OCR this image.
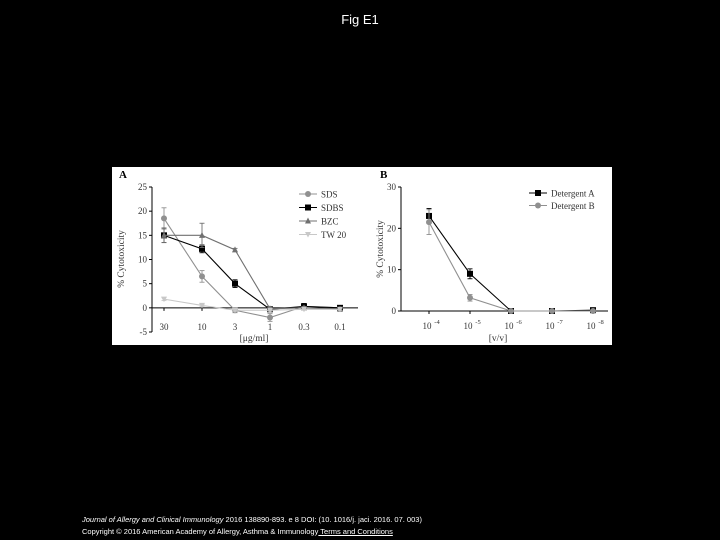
Fig E1
A
-5
0
5
10
15
20
25
30	10	3	1	0.3	0.1
[μg/ml]
% Cytotoxicity
SDS
SDBS
BZC
TW 20
B
0
10
20
30
10 -4	10 -5	10 -6	10 -7	10 -8
[v/v]
% Cytotoxicity
Detergent A
Detergent B
Journal of Allergy and Clinical Immunology 2016 138890-893. e 8 DOI: (10. 1016/j. jaci. 2016. 07. 003)
Copyright © 2016 American Academy of Allergy, Asthma & Immunology Terms and Conditions
